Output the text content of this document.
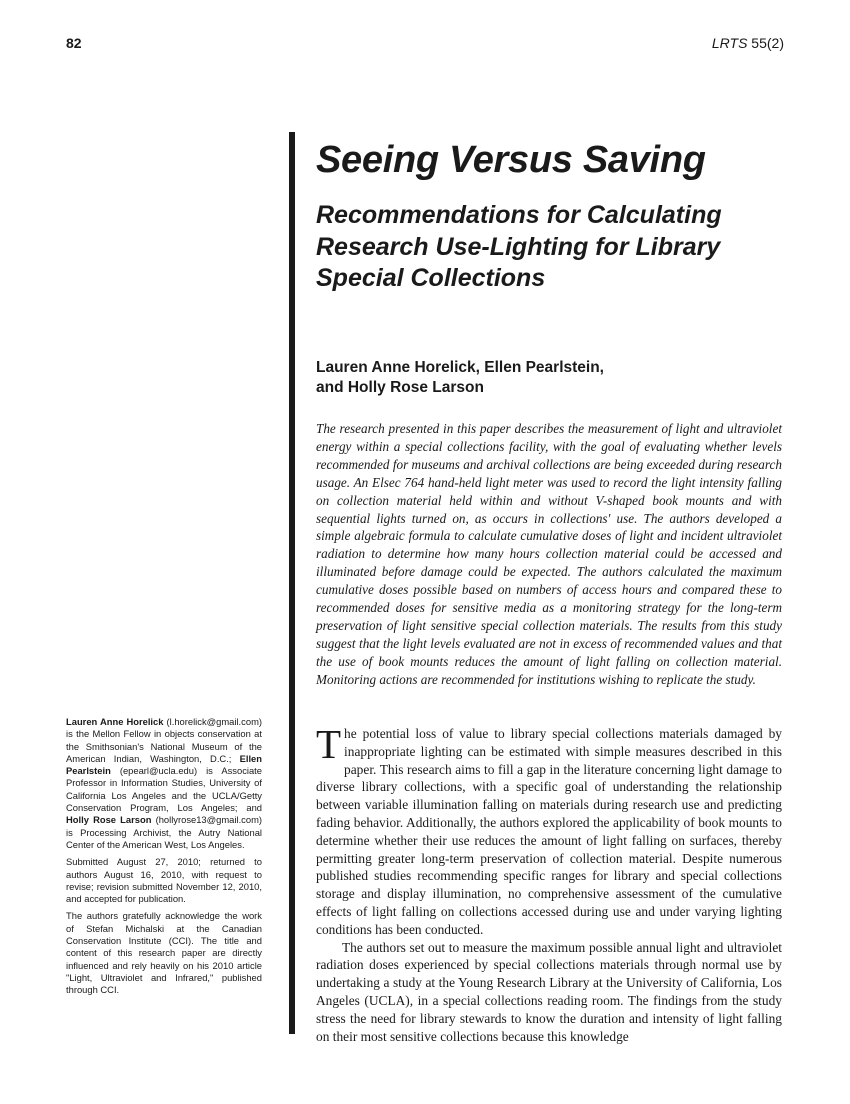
82	LRTS 55(2)
Seeing Versus Saving
Recommendations for Calculating Research Use-Lighting for Library Special Collections
Lauren Anne Horelick, Ellen Pearlstein,
and Holly Rose Larson

The research presented in this paper describes the measurement of light and ultraviolet energy within a special collections facility, with the goal of evaluating whether levels recommended for museums and archival collections are being exceeded during research usage. An Elsec 764 hand-held light meter was used to record the light intensity falling on collection material held within and without V-shaped book mounts and with sequential lights turned on, as occurs in collections' use. The authors developed a simple algebraic formula to calculate cumulative doses of light and incident ultraviolet radiation to determine how many hours collection material could be accessed and illuminated before damage could be expected. The authors calculated the maximum cumulative doses possible based on numbers of access hours and compared these to recommended doses for sensitive media as a monitoring strategy for the long-term preservation of light sensitive special collection materials. The results from this study suggest that the light levels evaluated are not in excess of recommended values and that the use of book mounts reduces the amount of light falling on collection material. Monitoring actions are recommended for institutions wishing to replicate the study.

The potential loss of value to library special collections materials damaged by inappropriate lighting can be estimated with simple measures described in this paper. This research aims to fill a gap in the literature concerning light damage to diverse library collections, with a specific goal of understanding the relationship between variable illumination falling on materials during research use and predicting fading behavior. Additionally, the authors explored the applicability of book mounts to determine whether their use reduces the amount of light falling on surfaces, thereby permitting greater long-term preservation of collection material. Despite numerous published studies recommending specific ranges for library and special collections storage and display illumination, no comprehensive assessment of the cumulative effects of light falling on collections accessed during use and under varying lighting conditions has been conducted.

The authors set out to measure the maximum possible annual light and ultraviolet radiation doses experienced by special collections materials through normal use by undertaking a study at the Young Research Library at the University of California, Los Angeles (UCLA), in a special collections reading room. The findings from the study stress the need for library stewards to know the duration and intensity of light falling on their most sensitive collections because this knowledge

Lauren Anne Horelick (l.horelick@gmail.com) is the Mellon Fellow in objects conservation at the Smithsonian's National Museum of the American Indian, Washington, D.C.; Ellen Pearlstein (epearl@ucla.edu) is Associate Professor in Information Studies, University of California Los Angeles and the UCLA/Getty Conservation Program, Los Angeles; and Holly Rose Larson (hollyrose13@gmail.com) is Processing Archivist, the Autry National Center of the American West, Los Angeles.

Submitted August 27, 2010; returned to authors August 16, 2010, with request to revise; revision submitted November 12, 2010, and accepted for publication.

The authors gratefully acknowledge the work of Stefan Michalski at the Canadian Conservation Institute (CCI). The title and content of this research paper are directly influenced and rely heavily on his 2010 article "Light, Ultraviolet and Infrared," published through CCI.
